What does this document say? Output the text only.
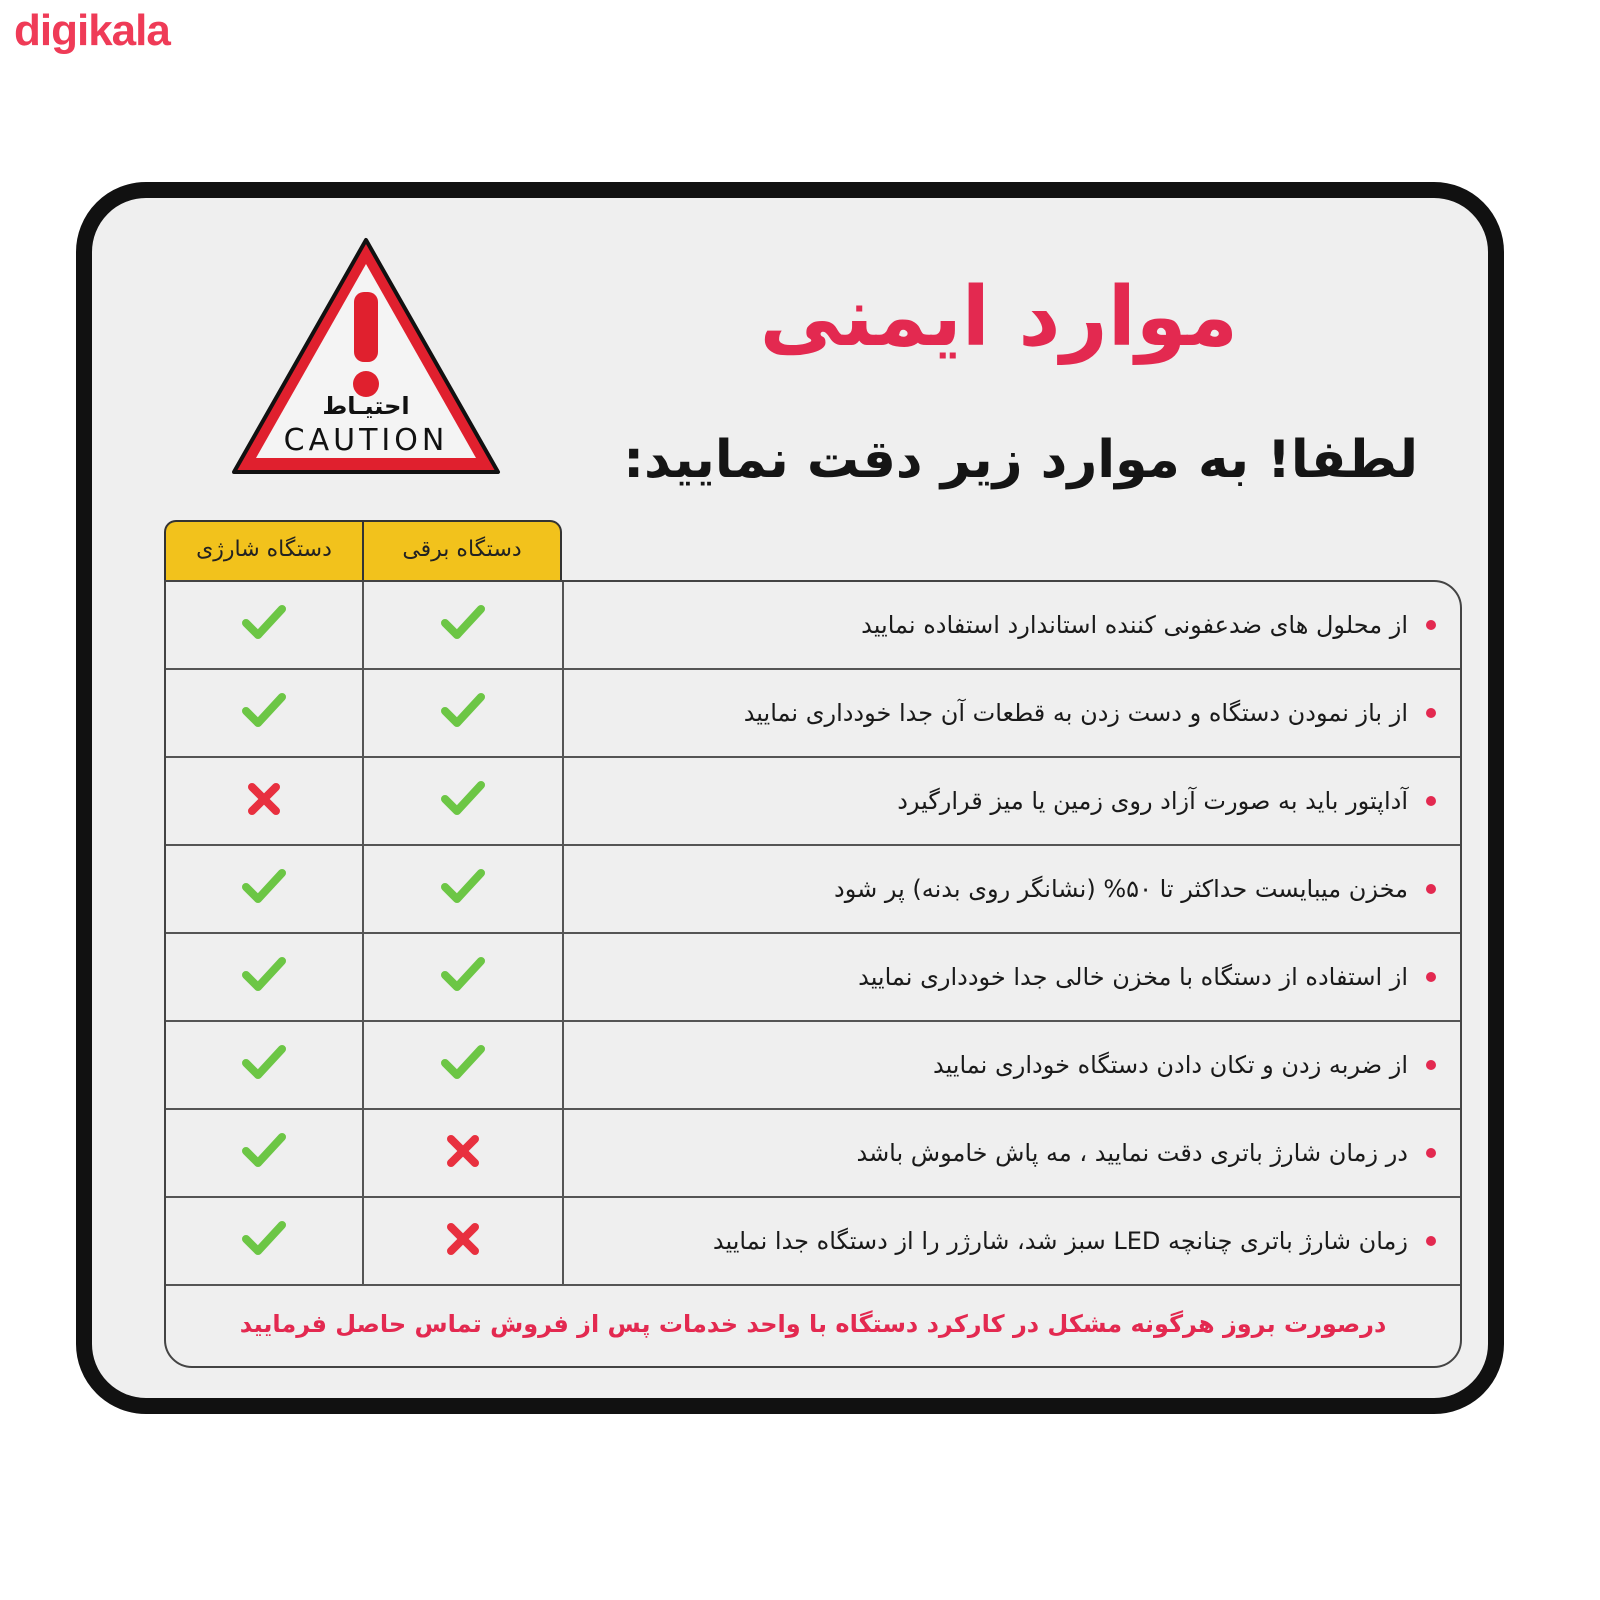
digikala
احتیـاط
CAUTION
موارد ایمنی
لطفا! به موارد زیر دقت نمایید:
دستگاه شارژی	دستگاه برقی
درصورت بروز هرگونه مشکل در کارکرد دستگاه با واحد خدمات پس از فروش تماس حاصل فرمایید
از محلول های ضدعفونی کننده استاندارد استفاده نمایید
از باز نمودن دستگاه و دست زدن به قطعات آن جدا خودداری نمایید
آداپتور باید به صورت آزاد روی زمین یا میز قرارگیرد
مخزن میبایست حداکثر تا ۵۰% (نشانگر روی بدنه) پر شود
از استفاده از دستگاه با مخزن خالی جدا خودداری نمایید
از ضربه زدن و تکان دادن دستگاه خوداری نمایید
در زمان شارژ باتری دقت نمایید ، مه پاش خاموش باشد
زمان شارژ باتری چنانچه LED سبز شد، شارژر را از دستگاه جدا نمایید
